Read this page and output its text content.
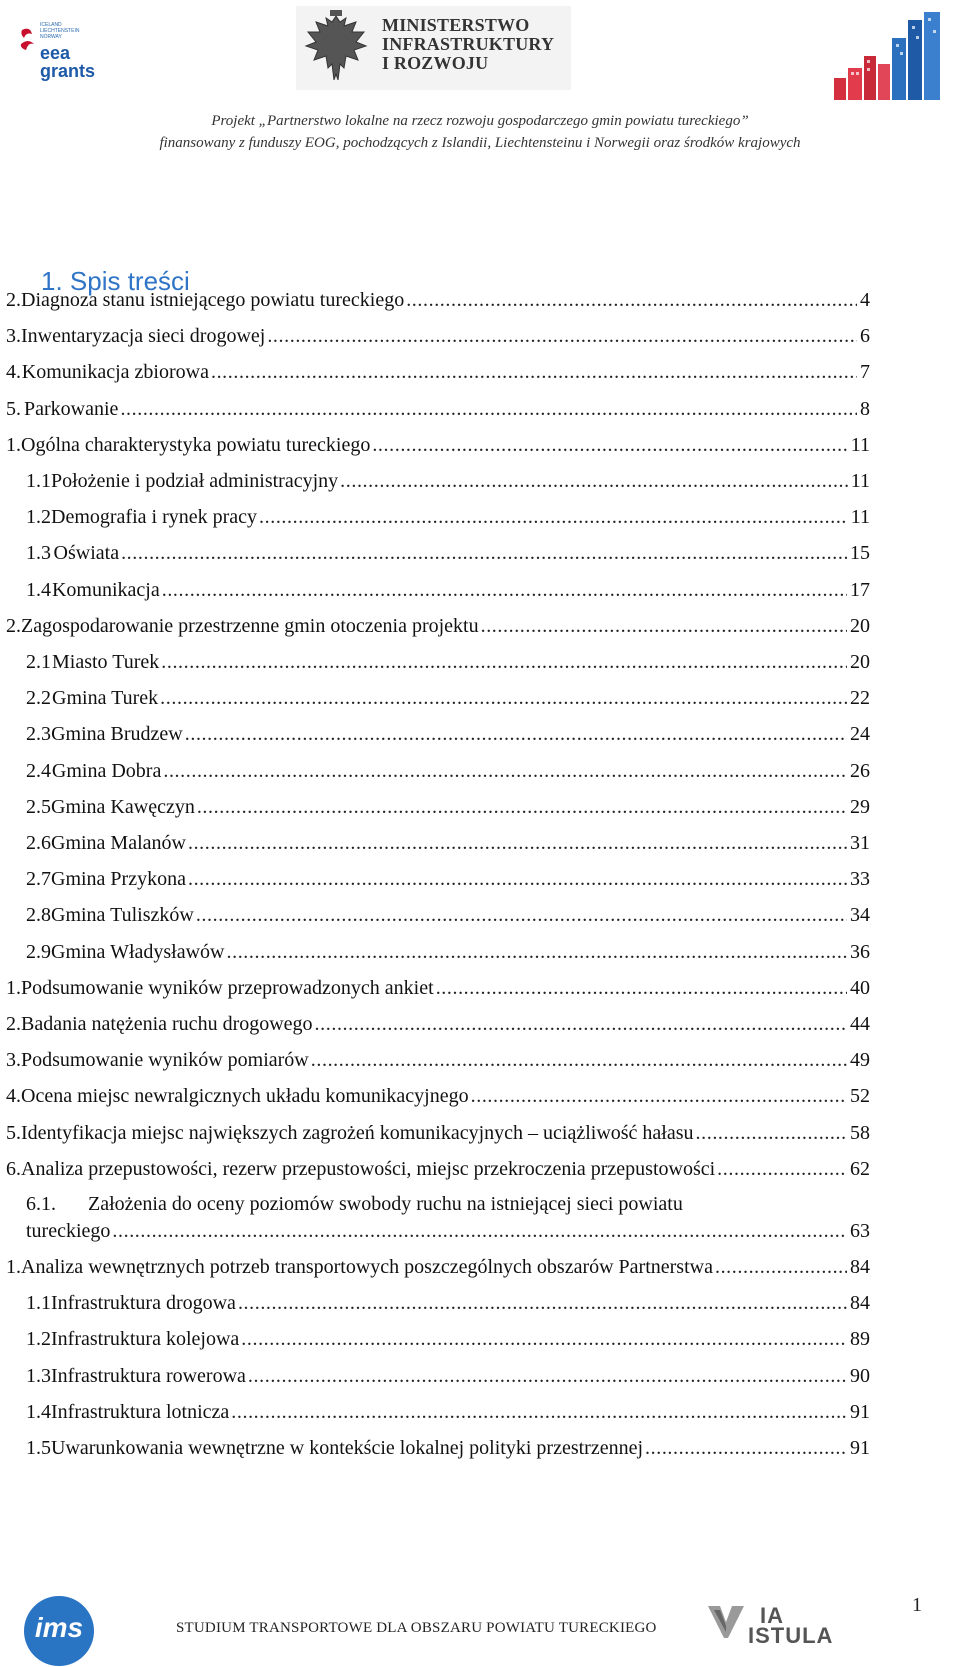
ICELAND
LIECHTENSTEIN
NORWAY
eea
grants
MINISTERSTWO
INFRASTRUKTURY
I ROZWOJU
Projekt „Partnerstwo lokalne na rzecz rozwoju gospodarczego gmin powiatu tureckiego”
finansowany z funduszy EOG, pochodzących z Islandii, Liechtensteinu i Norwegii oraz środków krajowych
1. Spis treści
2. Diagnoza stanu istniejącego powiatu tureckiego .....	4
3. Inwentaryzacja sieci drogowej .....	6
4. Komunikacja zbiorowa .....	7
5. Parkowanie .....	8
1. Ogólna charakterystyka powiatu tureckiego .....	11
1.1 Położenie i podział administracyjny .....	11
1.2 Demografia i rynek pracy .....	11
1.3 Oświata .....	15
1.4 Komunikacja .....	17
2. Zagospodarowanie przestrzenne gmin otoczenia projektu .....	20
2.1 Miasto Turek .....	20
2.2 Gmina Turek .....	22
2.3 Gmina Brudzew .....	24
2.4 Gmina Dobra .....	26
2.5 Gmina Kawęczyn .....	29
2.6 Gmina Malanów .....	31
2.7 Gmina Przykona .....	33
2.8 Gmina Tuliszków .....	34
2.9 Gmina Władysławów .....	36
1. Podsumowanie wyników przeprowadzonych ankiet .....	40
2. Badania natężenia ruchu drogowego .....	44
3. Podsumowanie wyników pomiarów .....	49
4. Ocena miejsc newralgicznych układu komunikacyjnego .....	52
5. Identyfikacja miejsc największych zagrożeń komunikacyjnych – uciążliwość hałasu .....	58
6. Analiza przepustowości, rezerw przepustowości, miejsc przekroczenia przepustowości .....	62
6.1. Założenia do oceny poziomów swobody ruchu na istniejącej sieci powiatu
tureckiego .....	63
1. Analiza wewnętrznych potrzeb transportowych poszczególnych obszarów Partnerstwa .....	84
1.1 Infrastruktura drogowa .....	84
1.2 Infrastruktura kolejowa .....	89
1.3 Infrastruktura rowerowa .....	90
1.4 Infrastruktura lotnicza .....	91
1.5 Uwarunkowania wewnętrzne w kontekście lokalnej polityki przestrzennej .....	91
1
ims	STUDIUM TRANSPORTOWE DLA OBSZARU POWIATU TURECKIEGO	IA
ISTULA
